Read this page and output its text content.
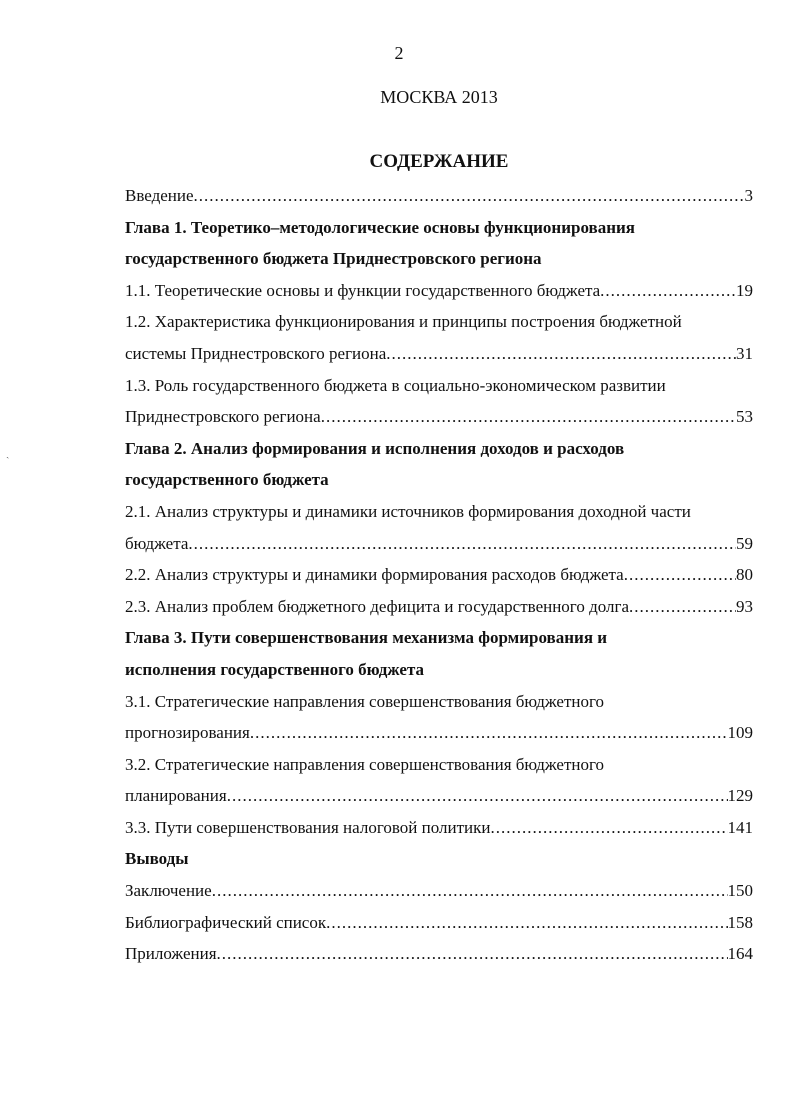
2
МОСКВА 2013
СОДЕРЖАНИЕ
ˏ
Введение .....	3
Глава 1. Теоретико–методологические основы функционирования
государственного бюджета Приднестровского региона
1.1. Теоретические основы и функции государственного бюджета .....	19
1.2. Характеристика функционирования и принципы построения бюджетной
системы Приднестровского региона .....	31
1.3. Роль государственного бюджета в социально-экономическом развитии
Приднестровского региона .....	53
Глава 2. Анализ формирования и исполнения доходов и расходов
государственного бюджета
2.1. Анализ структуры и динамики источников формирования доходной части
бюджета .....	59
2.2. Анализ структуры и динамики формирования расходов бюджета .....	80
2.3. Анализ проблем бюджетного дефицита и государственного долга .....	93
Глава 3. Пути совершенствования механизма формирования и
исполнения государственного бюджета
3.1. Стратегические направления совершенствования бюджетного
прогнозирования .....	109
3.2. Стратегические направления совершенствования бюджетного
планирования .....	129
3.3. Пути совершенствования налоговой политики .....	141
Выводы
Заключение .....	150
Библиографический список .....	158
Приложения .....	164
